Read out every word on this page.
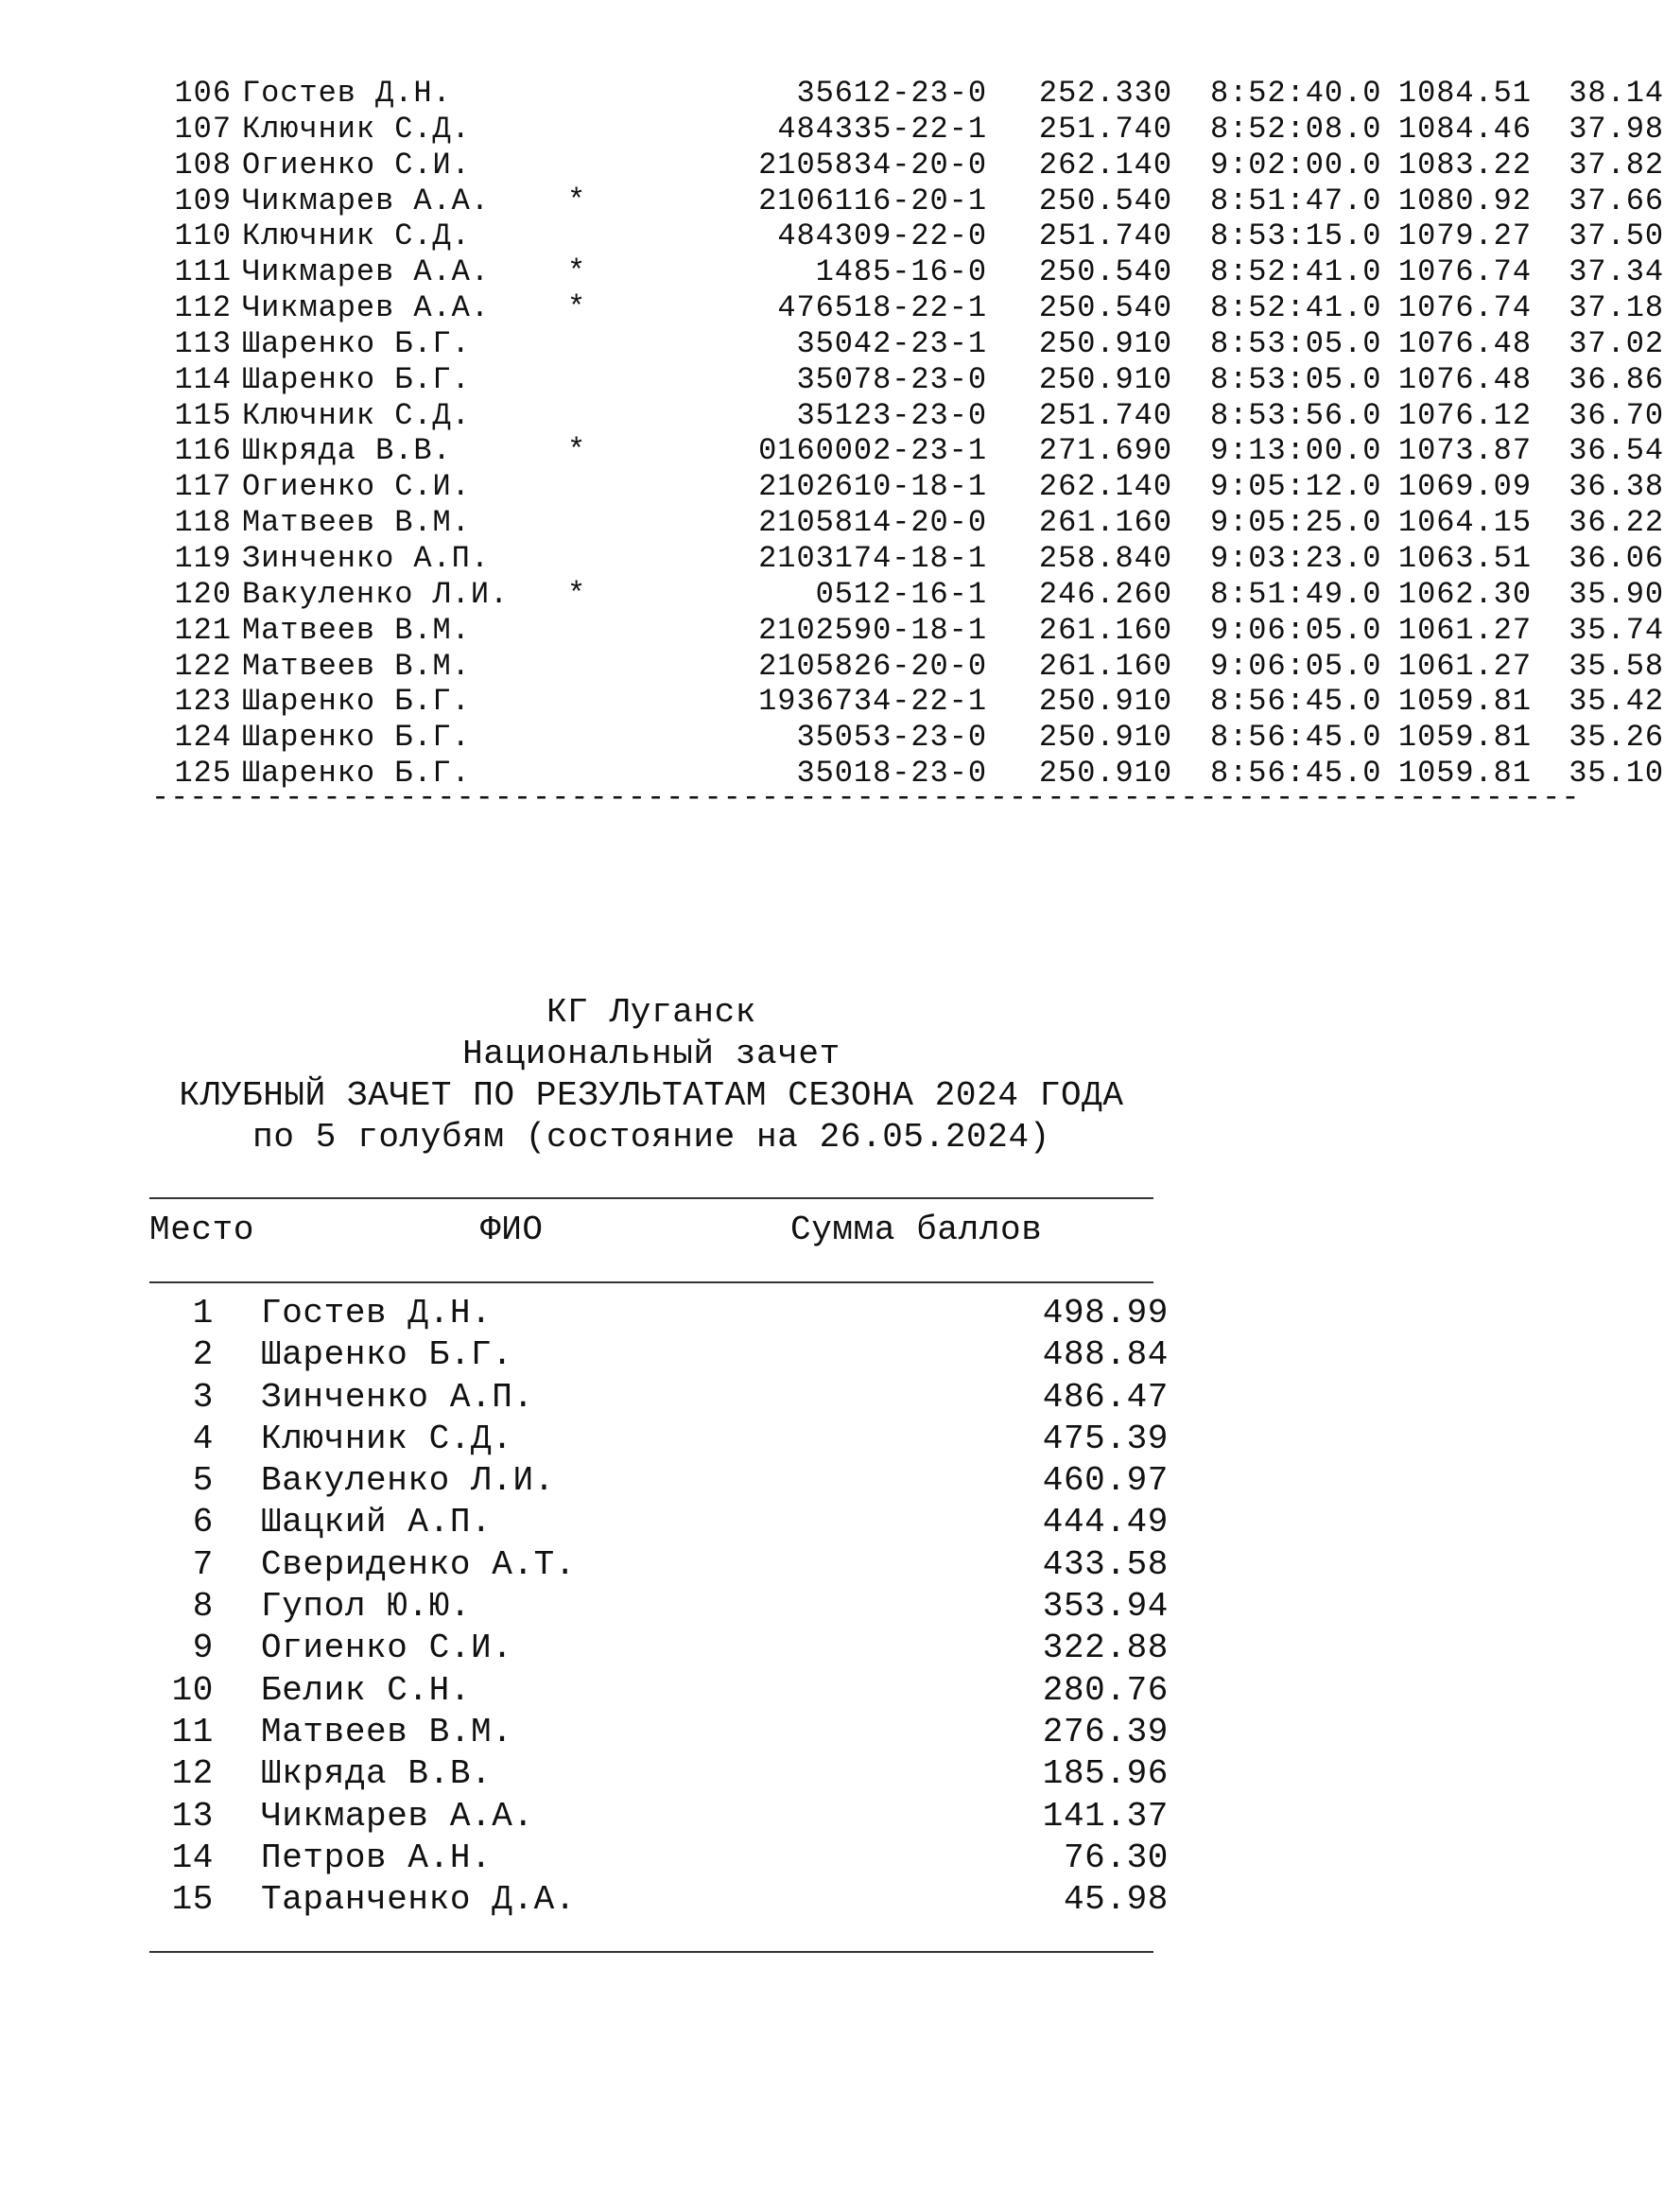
106 Гостев Д.Н.	35612-23-0	252.330 8:52:40.0 1084.51	38.14
107 Ключник С.Д.	484335-22-1	251.740 8:52:08.0 1084.46	37.98
108 Огиенко С.И.	2105834-20-0	262.140 9:02:00.0 1083.22	37.82
109 Чикмарев А.А.	*	2106116-20-1	250.540 8:51:47.0 1080.92	37.66
110 Ключник С.Д.	484309-22-0	251.740 8:53:15.0 1079.27	37.50
111 Чикмарев А.А.	*	1485-16-0	250.540 8:52:41.0 1076.74	37.34
112 Чикмарев А.А.	*	476518-22-1	250.540 8:52:41.0 1076.74	37.18
113 Шаренко Б.Г.	35042-23-1	250.910 8:53:05.0 1076.48	37.02
114 Шаренко Б.Г.	35078-23-0	250.910 8:53:05.0 1076.48	36.86
115 Ключник С.Д.	35123-23-0	251.740 8:53:56.0 1076.12	36.70
116 Шкряда В.В.	*	0160002-23-1	271.690 9:13:00.0 1073.87	36.54
117 Огиенко С.И.	2102610-18-1	262.140 9:05:12.0 1069.09	36.38
118 Матвеев В.М.	2105814-20-0	261.160 9:05:25.0 1064.15	36.22
119 Зинченко А.П.	2103174-18-1	258.840 9:03:23.0 1063.51	36.06
120 Вакуленко Л.И. *	0512-16-1	246.260 8:51:49.0 1062.30	35.90
121 Матвеев В.М.	2102590-18-1	261.160 9:06:05.0 1061.27	35.74
122 Матвеев В.М.	2105826-20-0	261.160 9:06:05.0 1061.27	35.58
123 Шаренко Б.Г.	1936734-22-1	250.910 8:56:45.0 1059.81	35.42
124 Шаренко Б.Г.	35053-23-0	250.910 8:56:45.0 1059.81	35.26
125 Шаренко Б.Г.	35018-23-0	250.910 8:56:45.0 1059.81	35.10
---------------------------------------------------------------------------
КГ Луганск
Национальный зачет
КЛУБНЫЙ ЗАЧЕТ ПО РЕЗУЛЬТАТАМ СЕЗОНА 2024 ГОДА
по 5 голубям (состояние на 26.05.2024)
Место	ФИО	Сумма баллов
1 Гостев Д.Н.	498.99
2 Шаренко Б.Г.	488.84
3 Зинченко А.П.	486.47
4 Ключник С.Д.	475.39
5 Вакуленко Л.И.	460.97
6 Шацкий А.П.	444.49
7 Свериденко А.Т.	433.58
8 Гупол Ю.Ю.	353.94
9 Огиенко С.И.	322.88
10 Белик С.Н.	280.76
11 Матвеев В.М.	276.39
12 Шкряда В.В.	185.96
13 Чикмарев А.А.	141.37
14 Петров А.Н.	76.30
15 Таранченко Д.А.	45.98
